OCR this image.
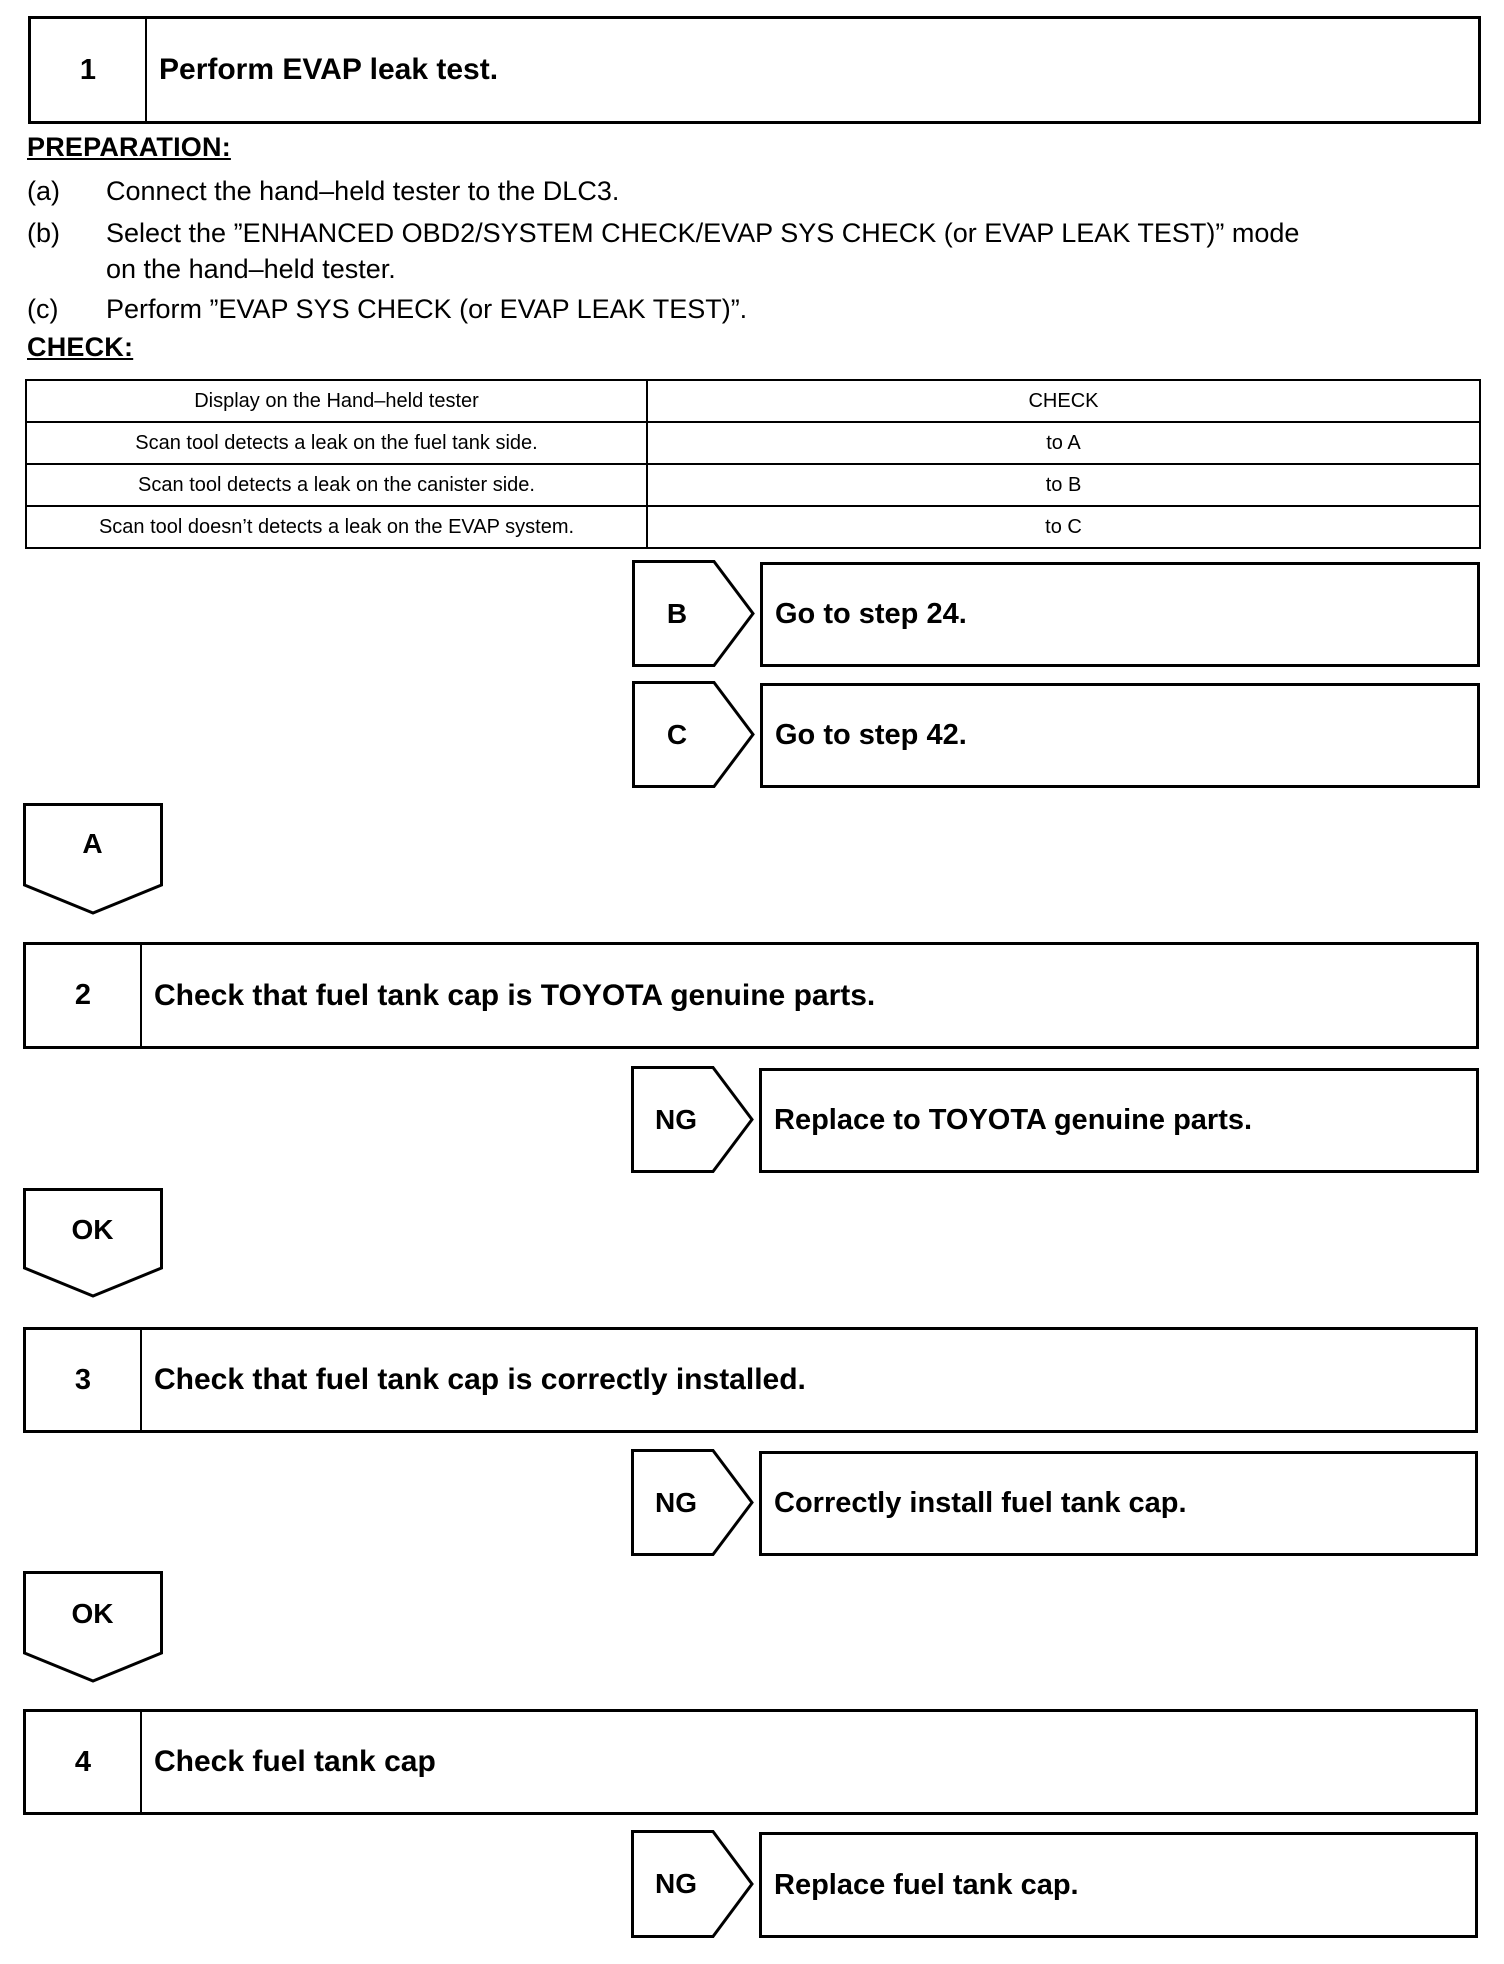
1	Perform EVAP leak test.
PREPARATION:
(a) Connect the hand–held tester to the DLC3.
(b) Select the ”ENHANCED OBD2/SYSTEM CHECK/EVAP SYS CHECK (or EVAP LEAK TEST)” mode
on the hand–held tester.
(c) Perform ”EVAP SYS CHECK (or EVAP LEAK TEST)”.
CHECK:
Display on the Hand–held tester	CHECK
Scan tool detects a leak on the fuel tank side.	to A
Scan tool detects a leak on the canister side.	to B
Scan tool doesn’t detects a leak on the EVAP system.	to C
B	Go to step 24.
C	Go to step 42.
A
2	Check that fuel tank cap is TOYOTA genuine parts.
NG	Replace to TOYOTA genuine parts.
OK
3	Check that fuel tank cap is correctly installed.
NG	Correctly install fuel tank cap.
OK
4	Check fuel tank cap
NG	Replace fuel tank cap.
